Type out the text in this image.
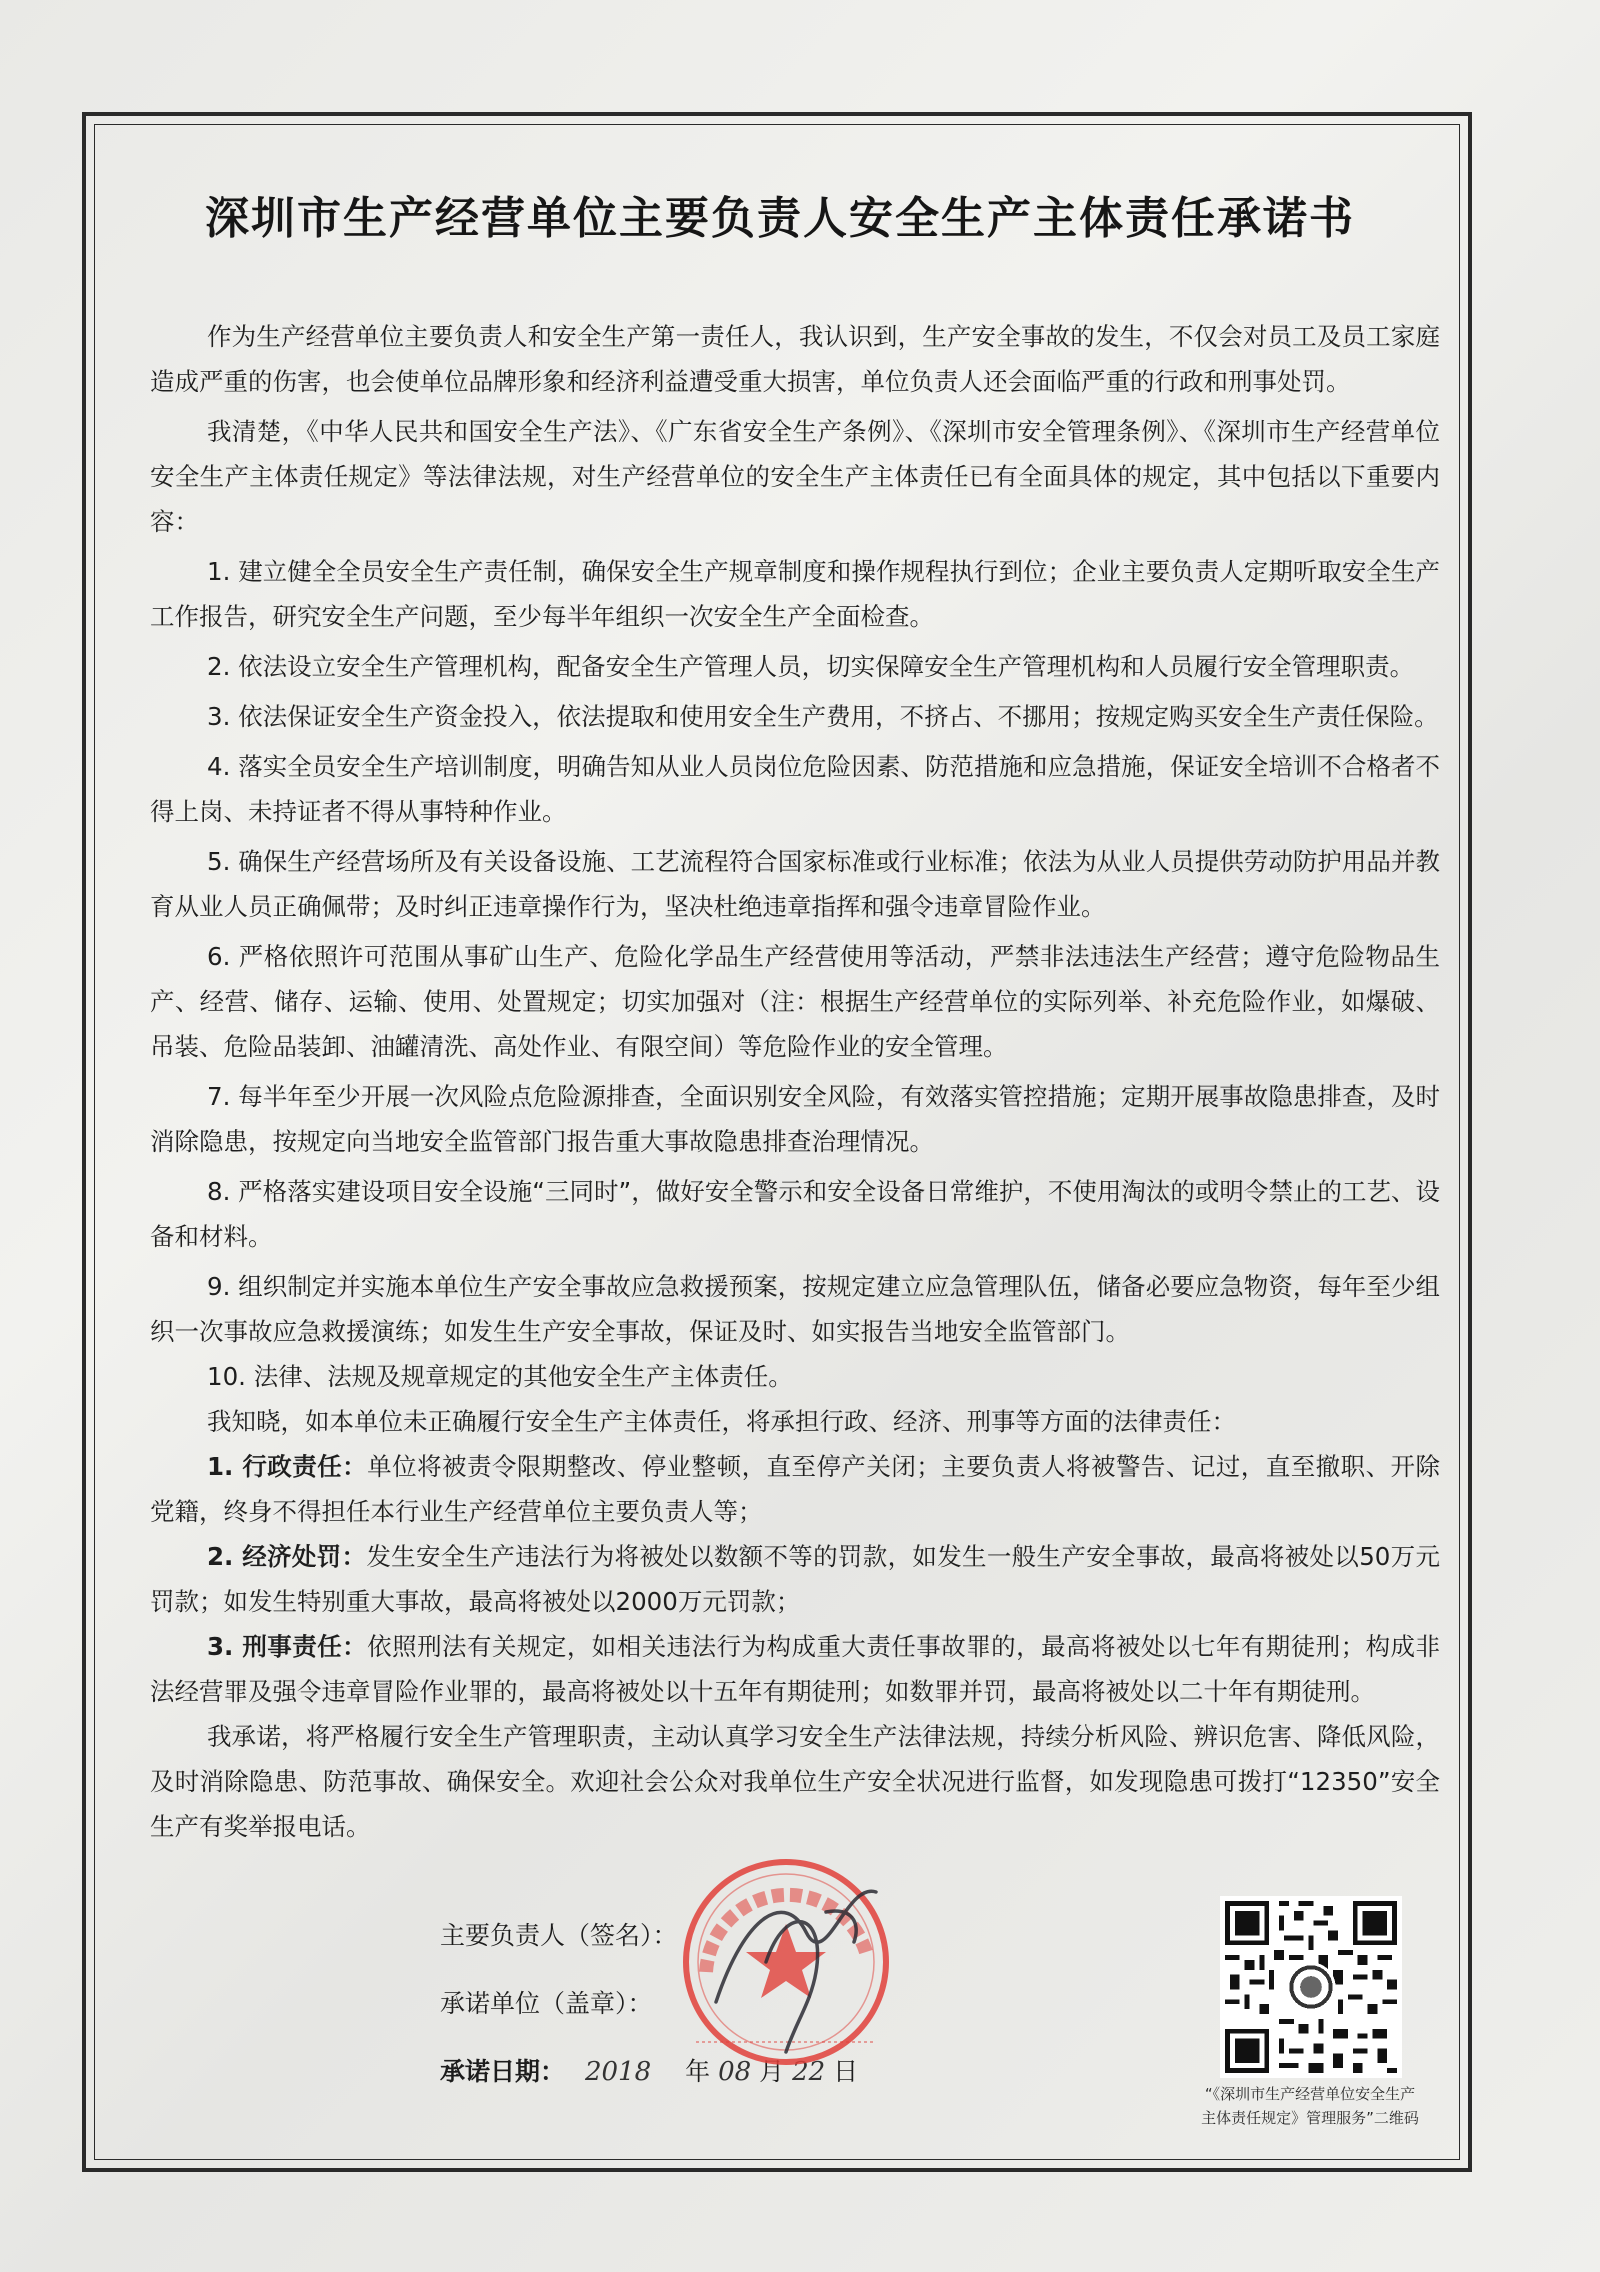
深圳市生产经营单位主要负责人安全生产主体责任承诺书

作为生产经营单位主要负责人和安全生产第一责任人，我认识到，生产安全事故的发生，不仅会对员工及员工家庭造成严重的伤害，也会使单位品牌形象和经济利益遭受重大损害，单位负责人还会面临严重的行政和刑事处罚。

我清楚，《中华人民共和国安全生产法》、《广东省安全生产条例》、《深圳市安全管理条例》、《深圳市生产经营单位安全生产主体责任规定》等法律法规，对生产经营单位的安全生产主体责任已有全面具体的规定，其中包括以下重要内容：

1. 建立健全全员安全生产责任制，确保安全生产规章制度和操作规程执行到位；企业主要负责人定期听取安全生产工作报告，研究安全生产问题，至少每半年组织一次安全生产全面检查。

2. 依法设立安全生产管理机构，配备安全生产管理人员，切实保障安全生产管理机构和人员履行安全管理职责。

3. 依法保证安全生产资金投入，依法提取和使用安全生产费用，不挤占、不挪用；按规定购买安全生产责任保险。

4. 落实全员安全生产培训制度，明确告知从业人员岗位危险因素、防范措施和应急措施，保证安全培训不合格者不得上岗、未持证者不得从事特种作业。

5. 确保生产经营场所及有关设备设施、工艺流程符合国家标准或行业标准；依法为从业人员提供劳动防护用品并教育从业人员正确佩带；及时纠正违章操作行为，坚决杜绝违章指挥和强令违章冒险作业。

6. 严格依照许可范围从事矿山生产、危险化学品生产经营使用等活动，严禁非法违法生产经营；遵守危险物品生产、经营、储存、运输、使用、处置规定；切实加强对（注：根据生产经营单位的实际列举、补充危险作业，如爆破、吊装、危险品装卸、油罐清洗、高处作业、有限空间）等危险作业的安全管理。

7. 每半年至少开展一次风险点危险源排查，全面识别安全风险，有效落实管控措施；定期开展事故隐患排查，及时消除隐患，按规定向当地安全监管部门报告重大事故隐患排查治理情况。

8. 严格落实建设项目安全设施“三同时”，做好安全警示和安全设备日常维护，不使用淘汰的或明令禁止的工艺、设备和材料。

9. 组织制定并实施本单位生产安全事故应急救援预案，按规定建立应急管理队伍，储备必要应急物资，每年至少组织一次事故应急救援演练；如发生生产安全事故，保证及时、如实报告当地安全监管部门。

10. 法律、法规及规章规定的其他安全生产主体责任。

我知晓，如本单位未正确履行安全生产主体责任，将承担行政、经济、刑事等方面的法律责任：

1. 行政责任：单位将被责令限期整改、停业整顿，直至停产关闭；主要负责人将被警告、记过，直至撤职、开除党籍，终身不得担任本行业生产经营单位主要负责人等；

2. 经济处罚：发生安全生产违法行为将被处以数额不等的罚款，如发生一般生产安全事故，最高将被处以50万元罚款；如发生特别重大事故，最高将被处以2000万元罚款；

3. 刑事责任：依照刑法有关规定，如相关违法行为构成重大责任事故罪的，最高将被处以七年有期徒刑；构成非法经营罪及强令违章冒险作业罪的，最高将被处以十五年有期徒刑；如数罪并罚，最高将被处以二十年有期徒刑。

我承诺，将严格履行安全生产管理职责，主动认真学习安全生产法律法规，持续分析风险、辨识危害、降低风险，及时消除隐患、防范事故、确保安全。欢迎社会公众对我单位生产安全状况进行监督，如发现隐患可拨打“12350”安全生产有奖举报电话。

主要负责人（签名）：
承诺单位（盖章）：
承诺日期： 2018 年 08 月 22 日
“《深圳市生产经营单位安全生产
主体责任规定》管理服务”二维码
